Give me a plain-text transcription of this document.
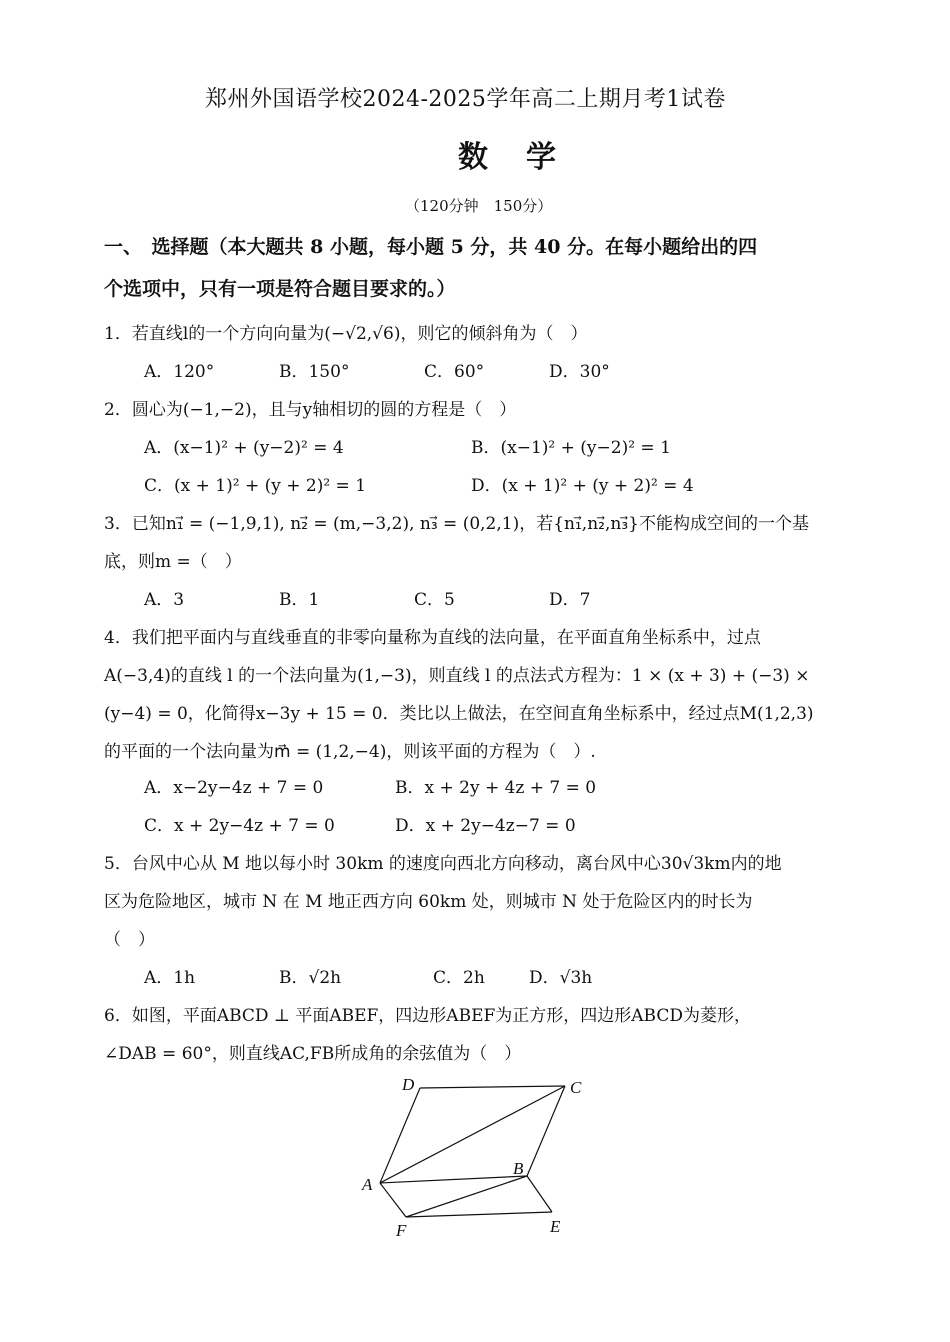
郑州外国语学校2024-2025学年高二上期月考1试卷
数　学
（120分钟　150分）
一、　选择题（本大题共 8 小题，每小题 5 分，共 40 分。在每小题给出的四
个选项中，只有一项是符合题目要求的。）
1．若直线l的一个方向向量为(−√2,√6)，则它的倾斜角为（　）
A．120°	B．150°	C．60°	D．30°
2．圆心为(−1,−2)，且与y轴相切的圆的方程是（　）
A．(x−1)² + (y−2)² = 4	B．(x−1)² + (y−2)² = 1
C．(x + 1)² + (y + 2)² = 1	D．(x + 1)² + (y + 2)² = 4
3．已知n₁⃗ = (−1,9,1), n₂⃗ = (m,−3,2), n₃⃗ = (0,2,1)，若{n₁⃗,n₂⃗,n₃⃗}不能构成空间的一个基
底，则m =（　）
A．3	B．1	C．5	D．7
4．我们把平面内与直线垂直的非零向量称为直线的法向量，在平面直角坐标系中，过点
A(−3,4)的直线 l 的一个法向量为(1,−3)，则直线 l 的点法式方程为：1 × (x + 3) + (−3) ×
(y−4) = 0，化简得x−3y + 15 = 0．类比以上做法，在空间直角坐标系中，经过点M(1,2,3)
的平面的一个法向量为m⃗ = (1,2,−4)，则该平面的方程为（　）.
A．x−2y−4z + 7 = 0	B．x + 2y + 4z + 7 = 0
C．x + 2y−4z + 7 = 0	D．x + 2y−4z−7 = 0
5．台风中心从 M 地以每小时 30km 的速度向西北方向移动，离台风中心30√3km内的地
区为危险地区，城市 N 在 M 地正西方向 60km 处，则城市 N 处于危险区内的时长为
（　）
A．1h	B．√2h	C．2h	D．√3h
6．如图，平面ABCD ⊥ 平面ABEF，四边形ABEF为正方形，四边形ABCD为菱形，
∠DAB = 60°，则直线AC,FB所成角的余弦值为（　）
D	C
A
B
F	E
